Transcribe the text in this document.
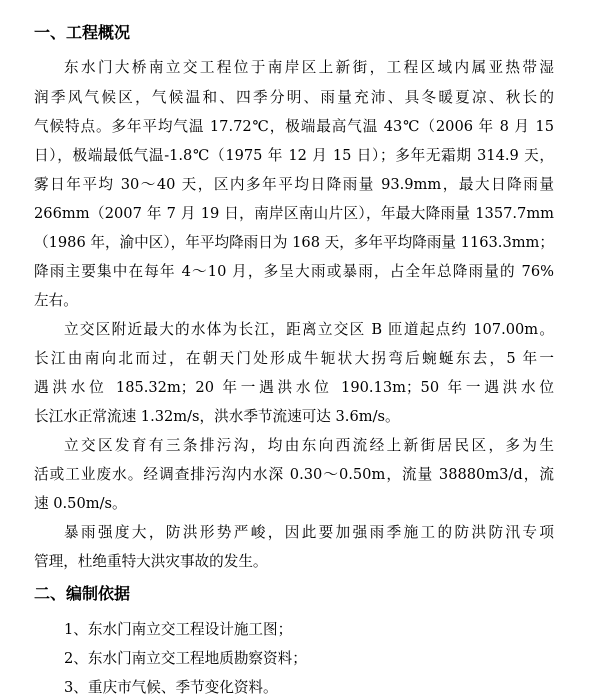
一、工程概况
东水门大桥南立交工程位于南岸区上新街，工程区域内属亚热带湿
润季风气候区，气候温和、四季分明、雨量充沛、具冬暖夏凉、秋长的
气候特点。多年平均气温 17.72℃，极端最高气温 43℃（2006 年 8 月 15
日），极端最低气温-1.8℃（1975 年 12 月 15 日）；多年无霜期 314.9 天，
雾日年平均 30～40 天，区内多年平均日降雨量 93.9mm，最大日降雨量
266mm（2007 年 7 月 19 日，南岸区南山片区），年最大降雨量 1357.7mm
（1986 年，渝中区），年平均降雨日为 168 天，多年平均降雨量 1163.3mm；
降雨主要集中在每年 4～10 月，多呈大雨或暴雨，占全年总降雨量的 76%
左右。
立交区附近最大的水体为长江，距离立交区 B 匝道起点约 107.00m。
长江由南向北而过，在朝天门处形成牛轭状大拐弯后蜿蜒东去，5 年一
遇洪水位 185.32m；20 年一遇洪水位 190.13m；50 年一遇洪水位
长江水正常流速 1.32m/s，洪水季节流速可达 3.6m/s。
立交区发育有三条排污沟，均由东向西流经上新街居民区，多为生
活或工业废水。经调查排污沟内水深 0.30～0.50m，流量 38880m3/d，流
速 0.50m/s。
暴雨强度大，防洪形势严峻，因此要加强雨季施工的防洪防汛专项
管理，杜绝重特大洪灾事故的发生。
二、编制依据
1、东水门南立交工程设计施工图；
2、东水门南立交工程地质勘察资料；
3、重庆市气候、季节变化资料。
